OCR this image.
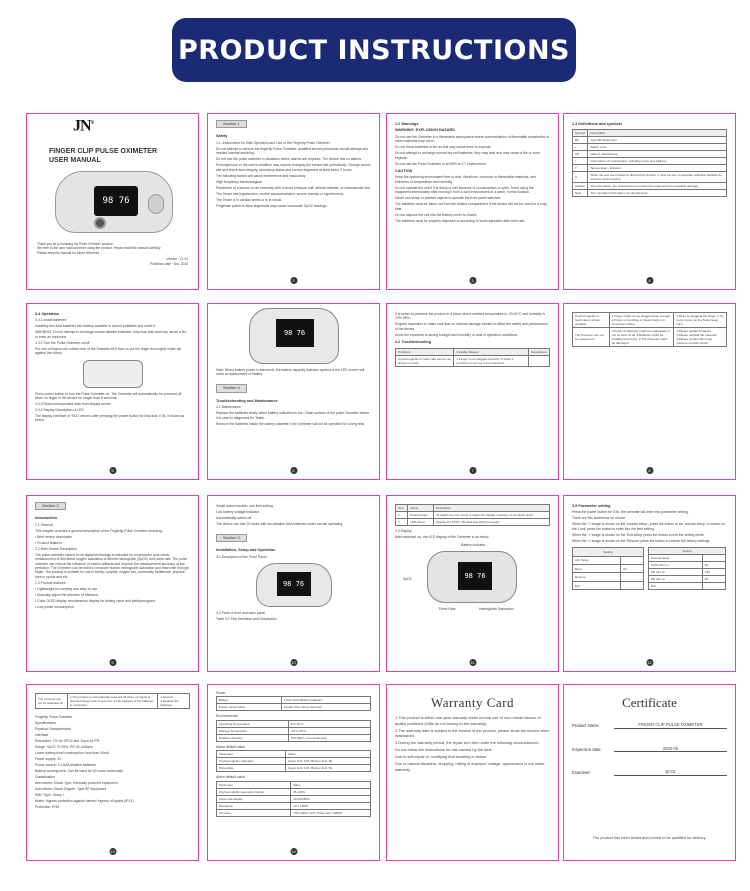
PRODUCT INSTRUCTIONS
JN®
FINGER CLIP PULSE OXIMETER
USER MANUAL
98 76

Thank you for purchasing the Pulse Oximeter product.

We refer to the user manual before using the product. Please read this manual carefully.

Please keep the manual for future reference.

Version : V1.01

Published date : Nov. 2018

Section 1
Safety

1.1. Instructions for Safe Operation and Use of the Fingertip Pulse Oximeter

Do not attempt to service the fingertip Pulse Oximeter, qualified service personnel should attempt any needed internal servicing.

Do not use the pulse oximeter in situations where alarms are required. The device has no alarms.

Prolonged use or the user's condition may require changing the sensor site periodically. Change sensor site and check skin integrity, circulatory status and correct alignment at least every 2 hours.

The following factors will cause interference and inaccuracy:

High frequency electrosurgical

Placement of a sensor on an extremity with a blood pressure cuff, arterial catheter, or intravascular line.

The Tester has hypotension, severe vasoconstriction, severe anemia or hypothermia.

The Tester is in cardiac arrest or is in shock.

Fingernail polish or false fingernails may cause inaccurate SpO2 readings.

2
1.2 Warnings
WARNING: EXPLOSION HAZARD

Do not use the Oximeter in a flammable atmosphere where concentrations of flammable anesthetics or other materials may occur.

Do not throw batteries in fire as this may cause them to explode.

Do not attempt to recharge normal dry-cell batteries; they may leak and may cause a fire or even explode.

Do not use the Pulse Oximeter in an MRI or CT environment.

CAUTION

Keep the operating environment free of dust, vibrations, corrosive or flammable materials, and extremes of temperature and humidity.

Do not operate the unit if it is damp or wet because of condensation or spills. Avoid using the equipment immediately after moving it from a cold environment to a warm, humid location.

Never use sharp or pointed objects to operate the front panel switches.

The batteries must be taken out from the battery compartment if the device will not be used for a long time.

Do not dispose the cell into the battery cover is closed.

The batteries must be properly disposed of according to local regulation after their use.

3
1.3 Definitions and symbols
Symbol	Description
BF	Type BF Equipment
i	Switch code
SN	Date of manufacture
!	Information of manufacturer, including name and address
T	Temperature - limitation
X	When the end user wishes to discard this product, it must be sent to separate collection facilities for recovery and recycling
Caution	The information you should know to protect the equipment from possible damage
Note	The important information you should know
4
3.4 Operation

3.4.1 Install batteries

Installing two AAA batteries into battery cassette in correct polarities and cover it.

WARNING: Do not attempt to recharge normal alkaline batteries; they may leak and may cause a fire or even an explosion.

3.4.2 Turn the Pulse Oximeter on/off

Put one of fingers into rubber hole of the Oximeter till it fixes to put the finger thoroughly under tail against the clamp.

Press power button to turn the Pulse Oximeter on. The Oximeter will automatically be powered off when no finger in the device for longer than 8 seconds.

3.4.3 Read corresponded data from display screen

3.4.4 Display Description of LED

The display interface of 'SCD' returns after pressing the power button for less than 0.5s, it shown as below.

5
98 76

Note: When battery power is abnormal, the battery capacity indicator symbol of the LED screen will show at replacement of battery.

Section 4
Troubleshooting and Maintenance

4.1 Maintenance

Replace the batteries timely when battery indication is low. Clean surface of the pulse Oximeter before it is used in diagnoses for Tester.

Remove the batteries inside the battery cassette if the Oximeter will not be operated for a long time.

6

It is better to preserve the product in a place where ambient temperature is -20-60°C and humidity is 10%-95%.

Regular inspection to make sure that no obvious damage existed to affect the safety and performance of the device.

Avoid the exposure to strong sunlight and humidity or dust in operation conditions.

4.2 Troubleshooting
Problems	Possible Reason	Resolutions
Oxyhemoglobin or heart rate can be not shown normally	1.Finger is not plugged correctly. 2.Tester's perfusion is too low to be measured.	
7
Oxyhemoglobin or heart rate is shown unstably	1.Finger might not be plugged deep enough. 2.Finger is trembling or Tester body is in movement status.	1.Retry by plugging the finger. 2.Try not to move; let the Tester keep calm.
The Oximeter can not be powered on	1.Power of batteries might be inadequate or not be there at all. 2.Batteries might be installed incorrectly. 3.The Oximeter might be damaged.	1.Please replace batteries. 2.Please reinstall the batteries. 3.Please contact with local customer service center.
8
Section 2
Introduction

2.1 General

This chapter provides a general description of the Fingertip Pulse Oximeter including:

• Brief device description

• Product features

2.2 Brief Device Description

The pulse oximeter, based on all digital technology is intended for noninvasive spot check measurement of functional oxygen saturation of arterial hemoglobin (SpO2) and pulse rate. The pulse oximeter can reduce the influence of motion artifacts and improve the measurement accuracy of low perfusion. The Oximeter can be used to measure human hemoglobin saturation and heart rate through finger. The product is suitable for use in family, hospital, oxygen bar, community healthcare, physical care in sports and etc.

2.3 Product features

• Lightweight for carrying and easy to use.

• Manually adjust the direction of interface.

• Color OLED display simultaneous display for testing value and plethysmogram.

• Low power consumption.

9

Visual alarm function, can limit setting.

Low battery voltage indicator.

Automatically switch off.

The device can last 20 hours with two alkaline AAA batteries under normal operating.

Section 3
Installation, Setup and Operation

3.1 Description of the Front Panel

98 76

3.2 Parts of front and back panel

Table 3.1 Part Definition and Description

10
Item	Name	Description
1	Power button	To switch the unit on/off; to adjust the display interface; to set alarm limits
2	LED Panel	Display the SPO2, PR data and Plethysmogram

3.3 Display

After switched on, the LED display of the Oximeter is as below.

Battery indicator
Pulse Rate
SpO2
Hemoglobin Saturation
98 76
11
3.5 Parameter setting

Press the power button for 0.5s, the oximeter will enter into parameter setting.

There are two submenus for choice.

When the '>' image is shown on the 'sounds setup', press the button to set 'sounds setup'; if shown on the 'Limit' press the button to enter into the limit setting.

When the '>' image is shown on the 'Exit setup' press the button to exit the setting mode.

When the '>' image is shown on the 'Restore' press the button to restore the factory settings.

Setting	
Alm Setup	
Beep	On
Restore	
Exit	
Setting	
Sounds setup	
SpO2 Alm Lo	90
PR Alm Hi	120
PR Alm Lo	50
Exit	
12
The oximeter can not be switched off	1.The product is automatically powered off when no signal is detected longer than 8 seconds. 2.The capacity of the batteries is exhausted.	1.Normal. 2.Replace the batteries.

Fingertip Pulse Oximeter

Specifications

Physical Characteristics

Interface

Resolution: 1% for SPO2 and 1bpm for PR

Range: SpO2 70-99%; PR 30-240bpm

Lower battery level consumption: less than 40mA

Power supply: 3V

Power source: 2 x AAA alkaline batteries

Battery working time: Can be used for 20 hours continually

Classification

Anti-electric Shock Type: Internally powered equipment

Anti-electric Shock Degree: Type BF equipment

EMC Type: Group I

Water: Ingress protection against harmful ingress of liquids (IPX1)

Protection: IP40

13
Power
Battery	2 Size AAA alkaline batteries
Power consumption	Smaller than 30mA (Normal)
Environmental
Operating Temperature	5°C-40°C
Storage Temperature	-10°C-40°C
Relative Humidity	15%-80%, non-condensing
Alarm default value
Parameter	Value
Oxyhemoglobin saturation	Upper limit: 100 / Bottom limit: 90
Pulse Rate	Upper limit: 120 / Bottom limit: 50
Alarm default value
Parameter	Value
Oxyhemoglobin saturation display	35-100%
Pulse rate display	30-250 BPM
Resolution	1% / 1BPM
Accuracy	70%-100%: ±2%; Pulse rate: ±2BPM
14
Warranty Card

1.This product is within one-year warranty under normal use of non-human factors of quality problems (Gifts do not belong to the warranty).

2.The warranty date is subject to the invoice of the product, please show the invoice when maintained.

3.During the warranty period, the repair isn't free under the following circumstances:

Do not follow the instructions for use caused by the fault.

Due to self-repair or modifying that resulting in failure.

Due to natural disasters, dropping, hitting or improper voltage, appearance is not under warranty.

Certificate
Product Name:	FINGER CLIP PULSE OXIMETER
Inspection date:	2020-06
Examiner:	QC01
The product has been tested and proved to be qualified for delivery.
